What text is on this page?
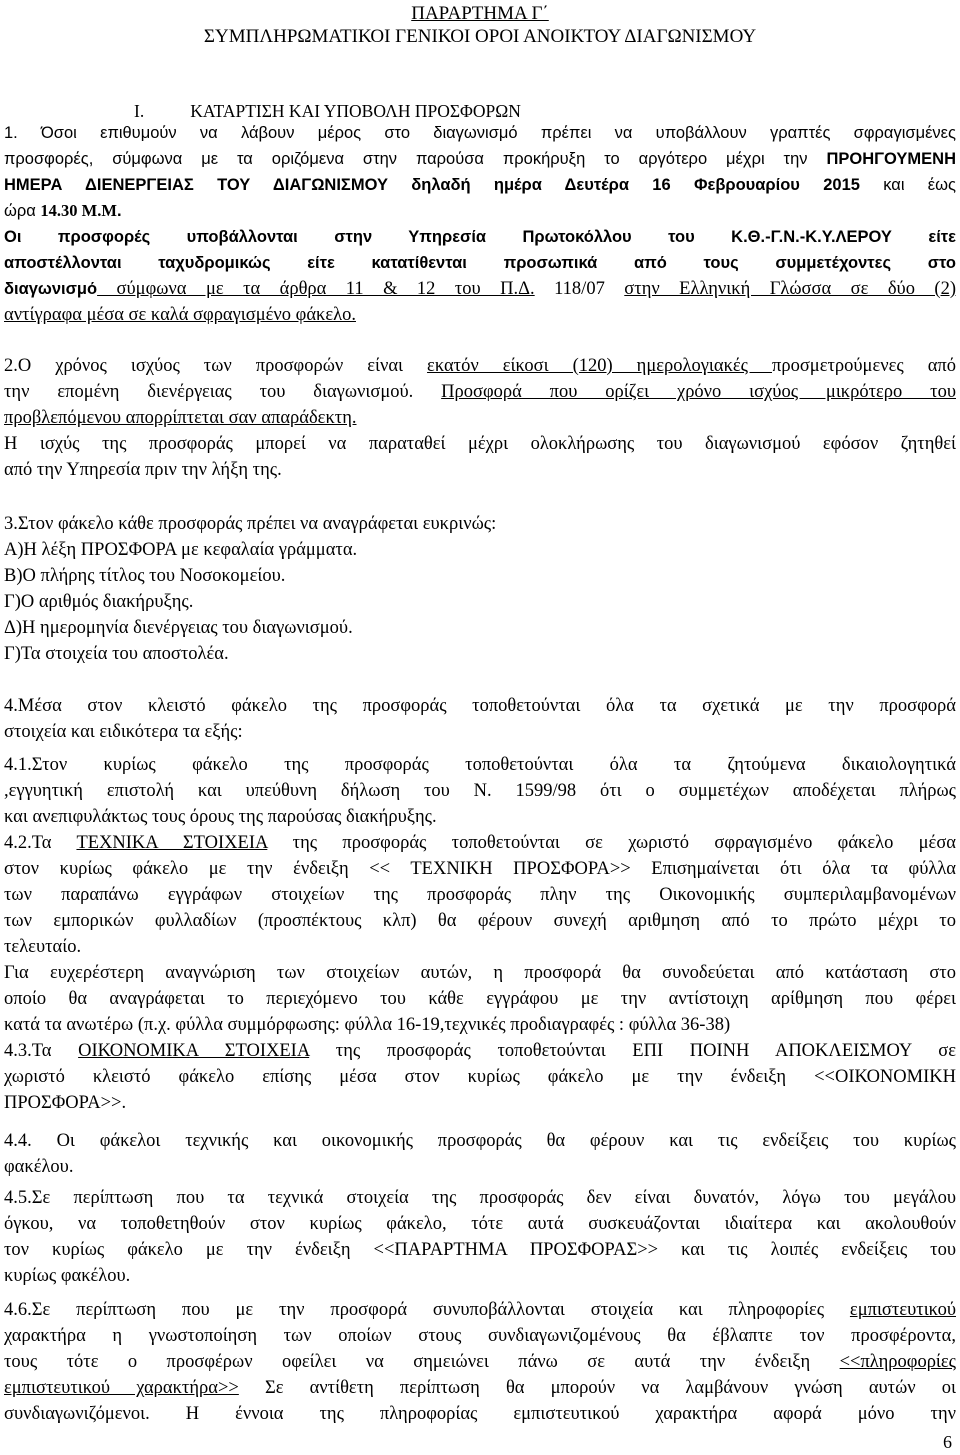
ΠΑΡΑΡΤΗΜΑ Γ΄
ΣΥΜΠΛΗΡΩΜΑΤΙΚΟΙ ΓΕΝΙΚΟΙ ΟΡΟΙ ΑΝΟΙΚΤΟΥ ΔΙΑΓΩΝΙΣΜΟΥ
Ι.	ΚΑΤΑΡΤΙΣΗ ΚΑΙ ΥΠΟΒΟΛΗ ΠΡΟΣΦΟΡΩΝ
1. Όσοι επιθυμούν να λάβουν μέρος στο διαγωνισμό πρέπει να υποβάλλουν γραπτές σφραγισμένες
προσφορές, σύμφωνα με τα οριζόμενα στην παρούσα προκήρυξη το αργότερο μέχρι την ΠΡΟΗΓΟΥΜΕΝΗ
ΗΜΕΡΑ ΔΙΕΝΕΡΓΕΙΑΣ ΤΟΥ ΔΙΑΓΩΝΙΣΜΟΥ δηλαδή ημέρα Δευτέρα 16 Φεβρουαρίου 2015 και έως
ώρα 14.30 Μ.Μ.
Οι προσφορές υποβάλλονται στην Υπηρεσία Πρωτοκόλλου του Κ.Θ.-Γ.Ν.-Κ.Υ.ΛΕΡΟΥ είτε
αποστέλλονται ταχυδρομικώς είτε κατατίθενται προσωπικά από τους συμμετέχοντες στο
διαγωνισμό σύμφωνα με τα άρθρα 11 & 12 του Π.Δ. 118/07 στην Ελληνική Γλώσσα σε δύο (2)
αντίγραφα μέσα σε καλά σφραγισμένο φάκελο.
2.Ο χρόνος ισχύος των προσφορών είναι εκατόν είκοσι (120) ημερολογιακές προσμετρούμενες από
την επομένη διενέργειας του διαγωνισμού. Προσφορά που ορίζει χρόνο ισχύος μικρότερο του
προβλεπόμενου απορρίπτεται σαν απαράδεκτη.
Η ισχύς της προσφοράς μπορεί να παραταθεί μέχρι ολοκλήρωσης του διαγωνισμού εφόσον ζητηθεί
από την Υπηρεσία πριν την λήξη της.
3.Στον φάκελο κάθε προσφοράς πρέπει να αναγράφεται ευκρινώς:
Α)Η λέξη ΠΡΟΣΦΟΡΑ με κεφαλαία γράμματα.
Β)Ο πλήρης τίτλος του Νοσοκομείου.
Γ)Ο αριθμός διακήρυξης.
Δ)Η ημερομηνία διενέργειας του διαγωνισμού.
Γ)Τα στοιχεία του αποστολέα.
4.Μέσα στον κλειστό φάκελο της προσφοράς τοποθετούνται όλα τα σχετικά με την προσφορά
στοιχεία και ειδικότερα τα εξής:
4.1.Στον κυρίως φάκελο της προσφοράς τοποθετούνται όλα τα ζητούμενα δικαιολογητικά
,εγγυητική επιστολή και υπεύθυνη δήλωση του Ν. 1599/98 ότι ο συμμετέχων αποδέχεται πλήρως
και ανεπιφυλάκτως τους όρους της παρούσας διακήρυξης.
4.2.Τα ΤΕΧΝΙΚΑ ΣΤΟΙΧΕΙΑ της προσφοράς τοποθετούνται σε χωριστό σφραγισμένο φάκελο μέσα
στον κυρίως φάκελο με την ένδειξη << ΤΕΧΝΙΚΗ ΠΡΟΣΦΟΡΑ>> Επισημαίνεται ότι όλα τα φύλλα
των παραπάνω εγγράφων στοιχείων της προσφοράς πλην της Οικονομικής συμπεριλαμβανομένων
των εμπορικών φυλλαδίων (προσπέκτους κλπ) θα φέρουν συνεχή αριθμηση από το πρώτο μέχρι το
τελευταίο.
Για ευχερέστερη αναγνώριση των στοιχείων αυτών, η προσφορά θα συνοδεύεται από κατάσταση στο
οποίο θα αναγράφεται το περιεχόμενο του κάθε εγγράφου με την αντίστοιχη αρίθμηση που φέρει
κατά τα ανωτέρω (π.χ. φύλλα συμμόρφωσης: φύλλα 16-19,τεχνικές προδιαγραφές : φύλλα 36-38)
4.3.Τα ΟΙΚΟΝΟΜΙΚΑ ΣΤΟΙΧΕΙΑ της προσφοράς τοποθετούνται ΕΠΙ ΠΟΙΝΗ ΑΠΟΚΛΕΙΣΜΟΥ σε
χωριστό κλειστό φάκελο επίσης μέσα στον κυρίως φάκελο με την ένδειξη <<ΟΙΚΟΝΟΜΙΚΗ
ΠΡΟΣΦΟΡΑ>>.
4.4. Οι φάκελοι τεχνικής και οικονομικής προσφοράς θα φέρουν και τις ενδείξεις του κυρίως
φακέλου.
4.5.Σε περίπτωση που τα τεχνικά στοιχεία της προσφοράς δεν είναι δυνατόν, λόγω του μεγάλου
όγκου, να τοποθετηθούν στον κυρίως φάκελο, τότε αυτά συσκευάζονται ιδιαίτερα και ακολουθούν
τον κυρίως φάκελο με την ένδειξη <<ΠΑΡΑΡΤΗΜΑ ΠΡΟΣΦΟΡΑΣ>> και τις λοιπές ενδείξεις του
κυρίως φακέλου.
4.6.Σε περίπτωση που με την προσφορά συνυποβάλλονται στοιχεία και πληροφορίες εμπιστευτικού
χαρακτήρα η γνωστοποίηση των οποίων στους συνδιαγωνιζομένους θα έβλαπτε τον προσφέροντα,
τους τότε ο προσφέρων οφείλει να σημειώνει πάνω σε αυτά την ένδειξη <<πληροφορίες
εμπιστευτικού χαρακτήρα>> Σε αντίθετη περίπτωση θα μπορούν να λαμβάνουν γνώση αυτών οι
συνδιαγωνιζόμενοι. Η έννοια της πληροφορίας εμπιστευτικού χαρακτήρα αφορά μόνο την
6
